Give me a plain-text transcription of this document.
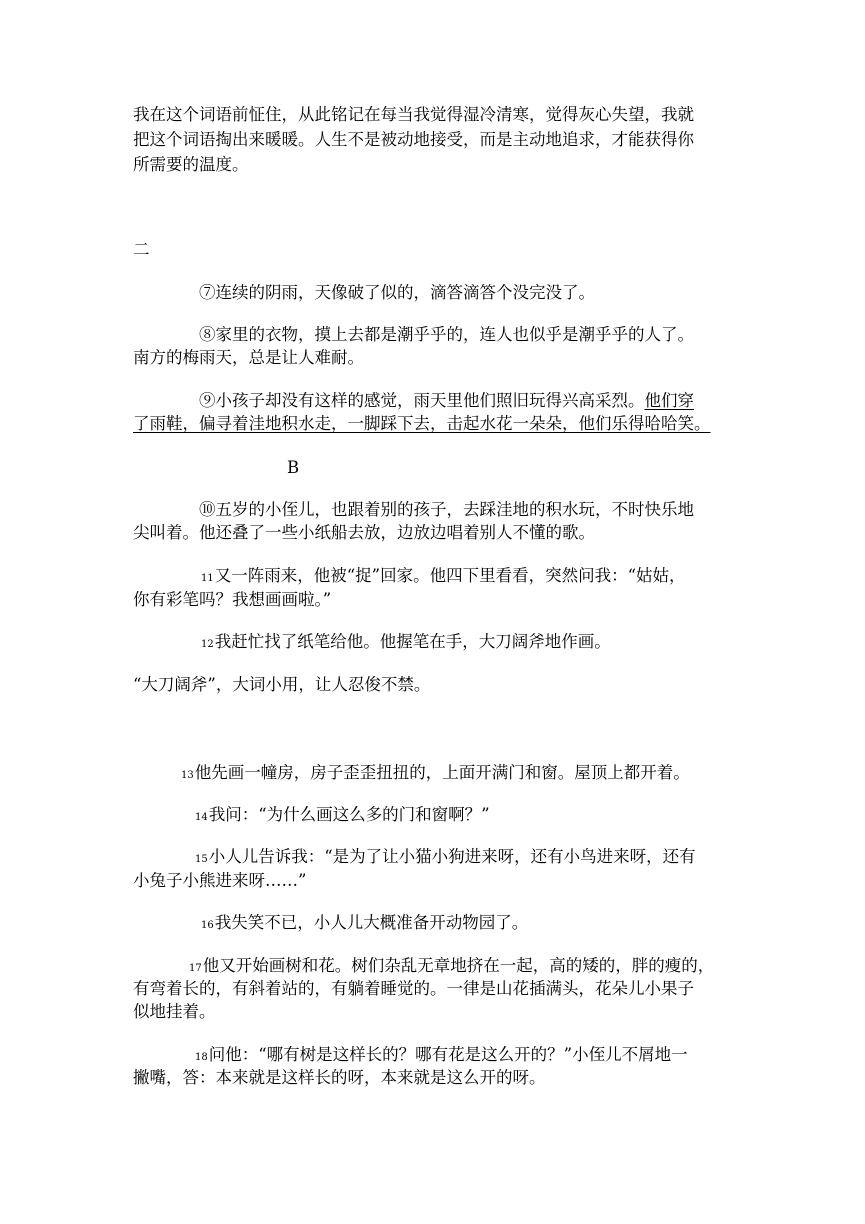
我在这个词语前怔住，从此铭记在每当我觉得湿冷清寒，觉得灰心失望，我就
把这个词语掏出来暖暖。人生不是被动地接受，而是主动地追求，才能获得你
所需要的温度。
二
⑦连续的阴雨，天像破了似的，滴答滴答个没完没了。
⑧家里的衣物，摸上去都是潮乎乎的，连人也似乎是潮乎乎的人了。
南方的梅雨天，总是让人难耐。
⑨小孩子却没有这样的感觉，雨天里他们照旧玩得兴高采烈。他们穿
了雨鞋，偏寻着洼地积水走，一脚踩下去，击起水花一朵朵，他们乐得哈哈笑。
B
⑩五岁的小侄儿，也跟着别的孩子，去踩洼地的积水玩，不时快乐地
尖叫着。他还叠了一些小纸船去放，边放边唱着别人不懂的歌。
11又一阵雨来，他被“捉”回家。他四下里看看，突然问我：“姑姑，
你有彩笔吗？我想画画啦。”
12我赶忙找了纸笔给他。他握笔在手，大刀阔斧地作画。
“大刀阔斧”，大词小用，让人忍俊不禁。
13他先画一幢房，房子歪歪扭扭的，上面开满门和窗。屋顶上都开着。
14我问：“为什么画这么多的门和窗啊？”
15小人儿告诉我：“是为了让小猫小狗进来呀，还有小鸟进来呀，还有
小兔子小熊进来呀……”
16我失笑不已，小人儿大概准备开动物园了。
17他又开始画树和花。树们杂乱无章地挤在一起，高的矮的，胖的瘦的，
有弯着长的，有斜着站的，有躺着睡觉的。一律是山花插满头，花朵儿小果子
似地挂着。
18问他：“哪有树是这样长的？哪有花是这么开的？”小侄儿不屑地一
撇嘴，答：本来就是这样长的呀，本来就是这么开的呀。
